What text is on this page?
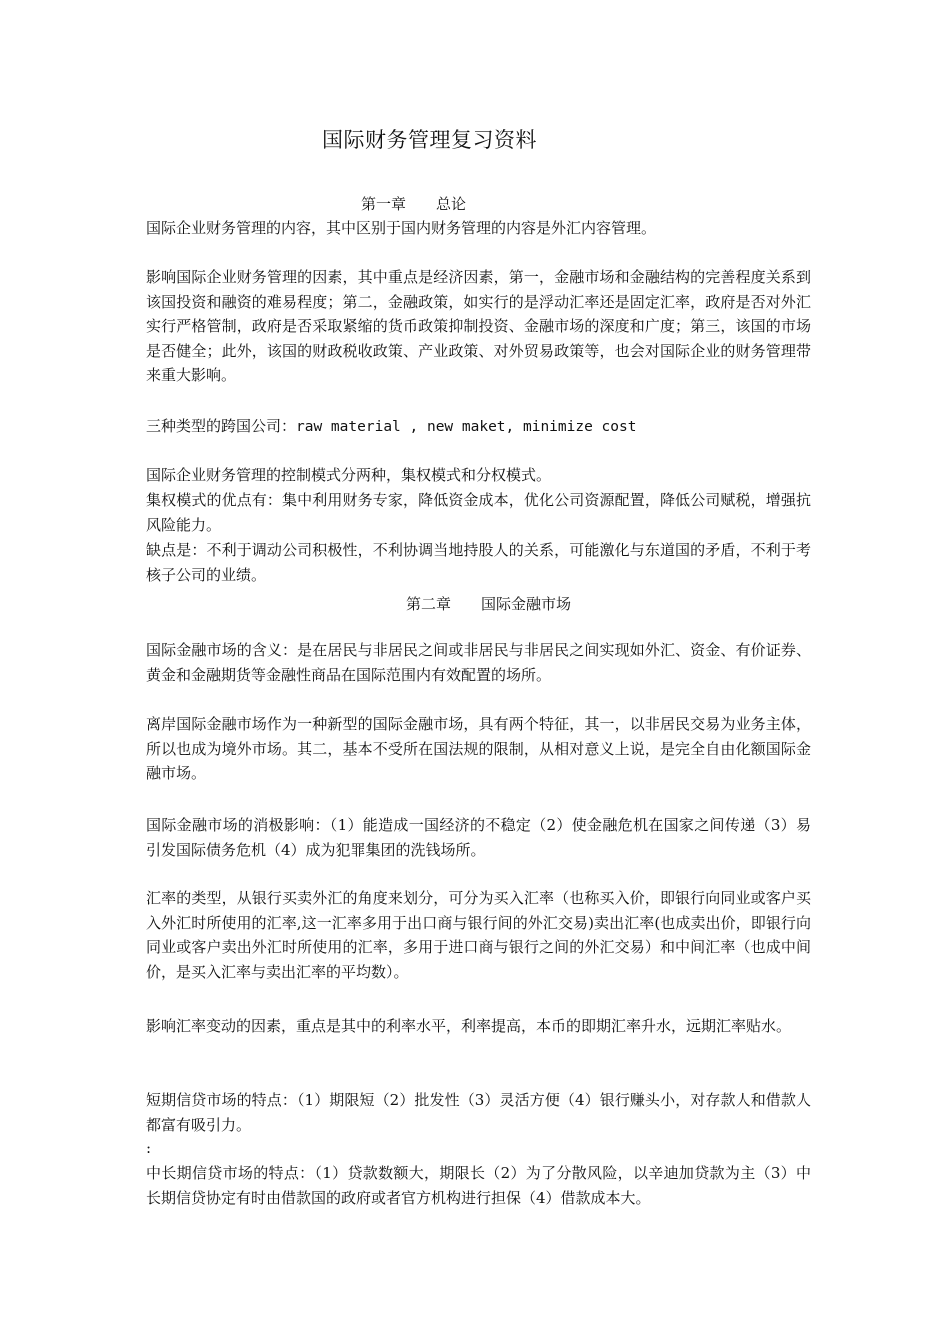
国际财务管理复习资料
第一章 总论
国际企业财务管理的内容，其中区别于国内财务管理的内容是外汇内容管理。
影响国际企业财务管理的因素，其中重点是经济因素，第一，金融市场和金融结构的完善程度关系到该国投资和融资的难易程度；第二，金融政策，如实行的是浮动汇率还是固定汇率，政府是否对外汇实行严格管制，政府是否采取紧缩的货币政策抑制投资、金融市场的深度和广度；第三，该国的市场是否健全；此外，该国的财政税收政策、产业政策、对外贸易政策等，也会对国际企业的财务管理带来重大影响。
三种类型的跨国公司：raw material , new maket, minimize cost
国际企业财务管理的控制模式分两种，集权模式和分权模式。
集权模式的优点有：集中利用财务专家，降低资金成本，优化公司资源配置，降低公司赋税，增强抗风险能力。
缺点是：不利于调动公司积极性，不利协调当地持股人的关系，可能激化与东道国的矛盾，不利于考核子公司的业绩。
第二章 国际金融市场
国际金融市场的含义：是在居民与非居民之间或非居民与非居民之间实现如外汇、资金、有价证券、黄金和金融期货等金融性商品在国际范围内有效配置的场所。
离岸国际金融市场作为一种新型的国际金融市场，具有两个特征，其一，以非居民交易为业务主体，所以也成为境外市场。其二，基本不受所在国法规的限制，从相对意义上说，是完全自由化额国际金融市场。
国际金融市场的消极影响：（1）能造成一国经济的不稳定（2）使金融危机在国家之间传递（3）易引发国际债务危机（4）成为犯罪集团的洗钱场所。
汇率的类型，从银行买卖外汇的角度来划分，可分为买入汇率（也称买入价，即银行向同业或客户买入外汇时所使用的汇率,这一汇率多用于出口商与银行间的外汇交易)卖出汇率(也成卖出价，即银行向同业或客户卖出外汇时所使用的汇率，多用于进口商与银行之间的外汇交易）和中间汇率（也成中间价，是买入汇率与卖出汇率的平均数）。
影响汇率变动的因素，重点是其中的利率水平，利率提高，本币的即期汇率升水，远期汇率贴水。
短期信贷市场的特点：（1）期限短（2）批发性（3）灵活方便（4）银行赚头小，对存款人和借款人都富有吸引力。
:
中长期信贷市场的特点：（1）贷款数额大，期限长（2）为了分散风险，以辛迪加贷款为主（3）中长期信贷协定有时由借款国的政府或者官方机构进行担保（4）借款成本大。
